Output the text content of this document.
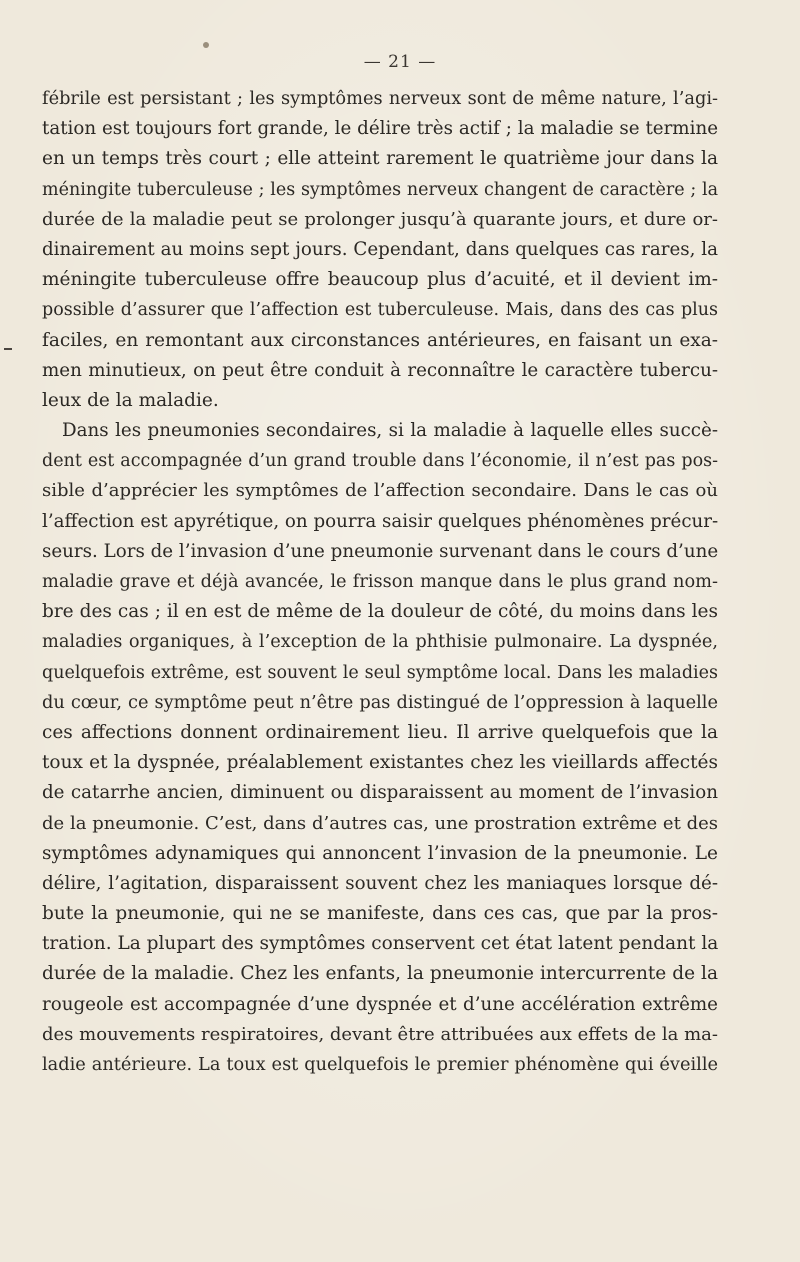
— 21 —
fébrile est persistant ; les symptômes nerveux sont de même nature, l’agi-
tation est toujours fort grande, le délire très actif ; la maladie se termine
en un temps très court ; elle atteint rarement le quatrième jour dans la
méningite tuberculeuse ; les symptômes nerveux changent de caractère ; la
durée de la maladie peut se prolonger jusqu’à quarante jours, et dure or-
dinairement au moins sept jours. Cependant, dans quelques cas rares, la
méningite tuberculeuse offre beaucoup plus d’acuité, et il devient im-
possible d’assurer que l’affection est tuberculeuse. Mais, dans des cas plus
faciles, en remontant aux circonstances antérieures, en faisant un exa-
men minutieux, on peut être conduit à reconnaître le caractère tubercu-
leux de la maladie.
Dans les pneumonies secondaires, si la maladie à laquelle elles succè-
dent est accompagnée d’un grand trouble dans l’économie, il n’est pas pos-
sible d’apprécier les symptômes de l’affection secondaire. Dans le cas où
l’affection est apyrétique, on pourra saisir quelques phénomènes précur-
seurs. Lors de l’invasion d’une pneumonie survenant dans le cours d’une
maladie grave et déjà avancée, le frisson manque dans le plus grand nom-
bre des cas ; il en est de même de la douleur de côté, du moins dans les
maladies organiques, à l’exception de la phthisie pulmonaire. La dyspnée,
quelquefois extrême, est souvent le seul symptôme local. Dans les maladies
du cœur, ce symptôme peut n’être pas distingué de l’oppression à laquelle
ces affections donnent ordinairement lieu. Il arrive quelquefois que la
toux et la dyspnée, préalablement existantes chez les vieillards affectés
de catarrhe ancien, diminuent ou disparaissent au moment de l’invasion
de la pneumonie. C’est, dans d’autres cas, une prostration extrême et des
symptômes adynamiques qui annoncent l’invasion de la pneumonie. Le
délire, l’agitation, disparaissent souvent chez les maniaques lorsque dé-
bute la pneumonie, qui ne se manifeste, dans ces cas, que par la pros-
tration. La plupart des symptômes conservent cet état latent pendant la
durée de la maladie. Chez les enfants, la pneumonie intercurrente de la
rougeole est accompagnée d’une dyspnée et d’une accélération extrême
des mouvements respiratoires, devant être attribuées aux effets de la ma-
ladie antérieure. La toux est quelquefois le premier phénomène qui éveille
